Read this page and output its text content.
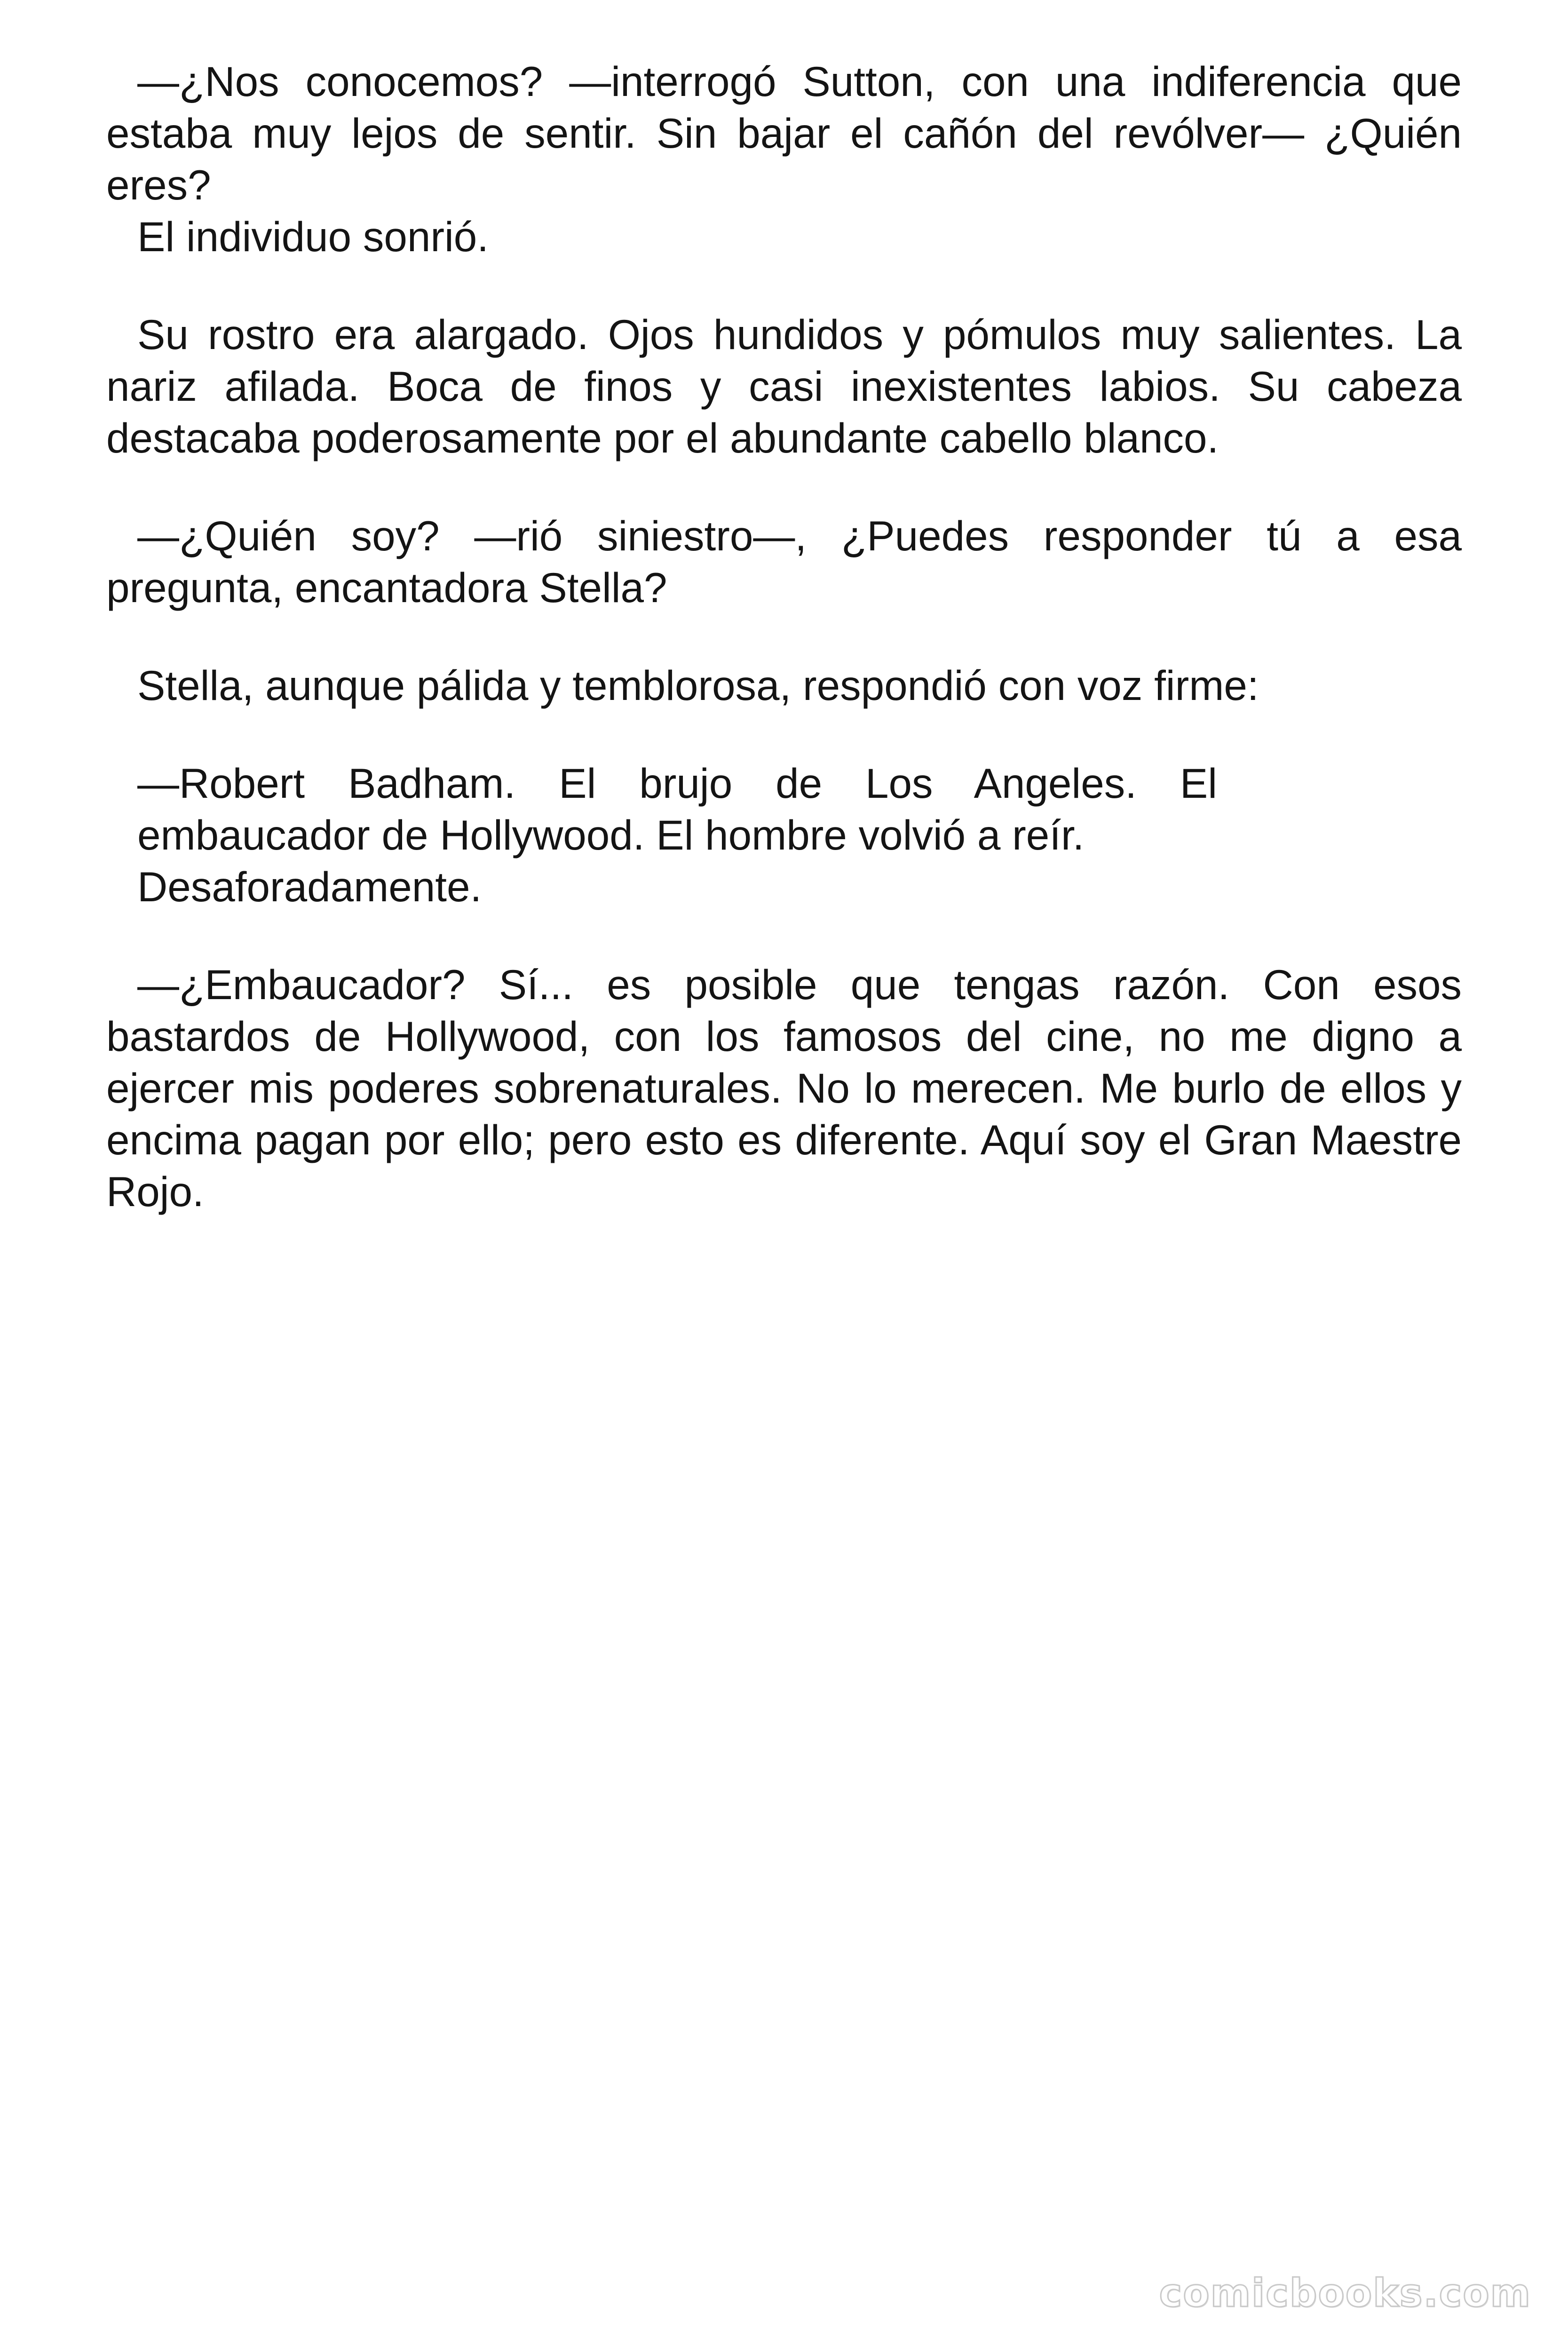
—¿Nos conocemos? —interrogó Sutton, con una indiferencia que estaba muy lejos de sentir. Sin bajar el cañón del revólver— ¿Quién eres?

El individuo sonrió.

Su rostro era alargado. Ojos hundidos y pómulos muy salientes. La nariz afilada. Boca de finos y casi inexistentes labios. Su cabeza destacaba poderosamente por el abundante cabello blanco.

—¿Quién soy? —rió siniestro—, ¿Puedes responder tú a esa pregunta, encantadora Stella?

Stella, aunque pálida y temblorosa, respondió con voz firme:

—Robert Badham. El brujo de Los Angeles. El
embaucador de Hollywood. El hombre volvió a reír.
Desaforadamente.

—¿Embaucador? Sí... es posible que tengas razón. Con esos bastardos de Hollywood, con los famosos del cine, no me digno a ejercer mis poderes sobrenaturales. No lo merecen. Me burlo de ellos y encima pagan por ello; pero esto es diferente. Aquí soy el Gran Maestre Rojo.

comicbooks.com
